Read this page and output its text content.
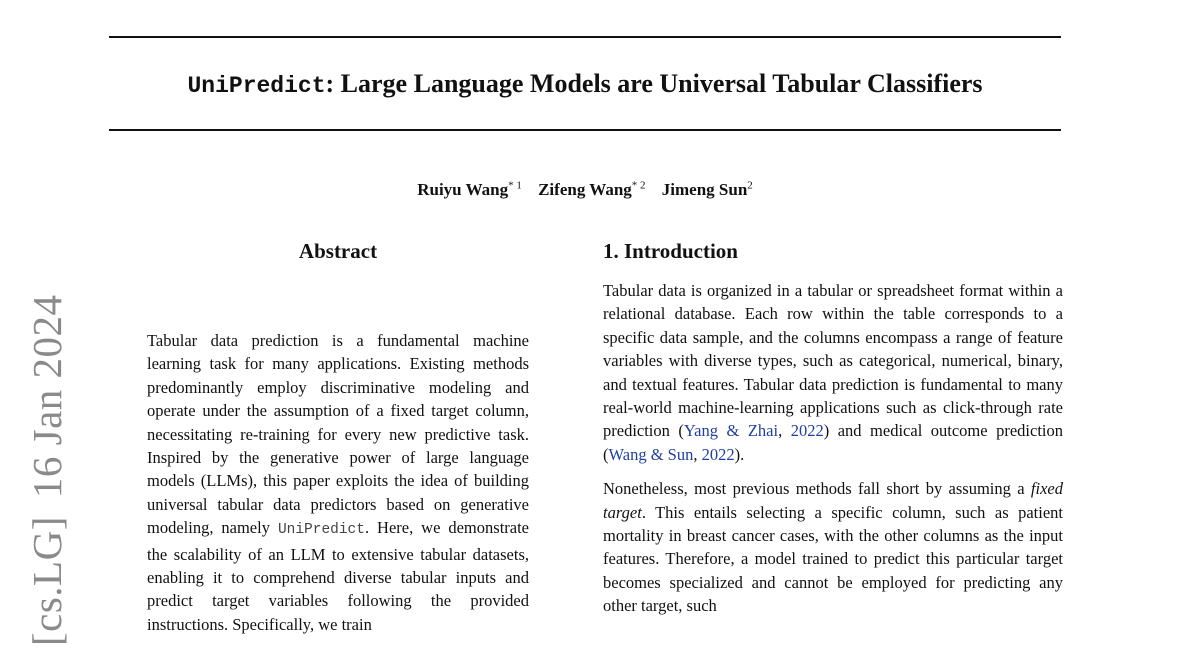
UniPredict: Large Language Models are Universal Tabular Classifiers
Ruiyu Wang$^{* 1}$ Zifeng Wang$^{* 2}$ Jimeng Sun$^2$
[cs.LG]16 Jan 2024
Abstract
Tabular data prediction is a fundamental machine learning task for many applications. Existing methods predominantly employ discriminative modeling and operate under the assumption of a fixed target column, necessitating re-training for every new predictive task. Inspired by the generative power of large language models (LLMs), this paper exploits the idea of building universal tabular data predictors based on generative modeling, namely UniPredict. Here, we demonstrate the scalability of an LLM to extensive tabular datasets, enabling it to comprehend diverse tabular inputs and predict target variables following the provided instructions. Specifically, we train
1. Introduction

Tabular data is organized in a tabular or spreadsheet format within a relational database. Each row within the table corresponds to a specific data sample, and the columns encompass a range of feature variables with diverse types, such as categorical, numerical, binary, and textual features. Tabular data prediction is fundamental to many real-world machine-learning applications such as click-through rate prediction (Yang & Zhai, 2022) and medical outcome prediction (Wang & Sun, 2022).

Nonetheless, most previous methods fall short by assuming a fixed target. This entails selecting a specific column, such as patient mortality in breast cancer cases, with the other columns as the input features. Therefore, a model trained to predict this particular target becomes specialized and cannot be employed for predicting any other target, such
